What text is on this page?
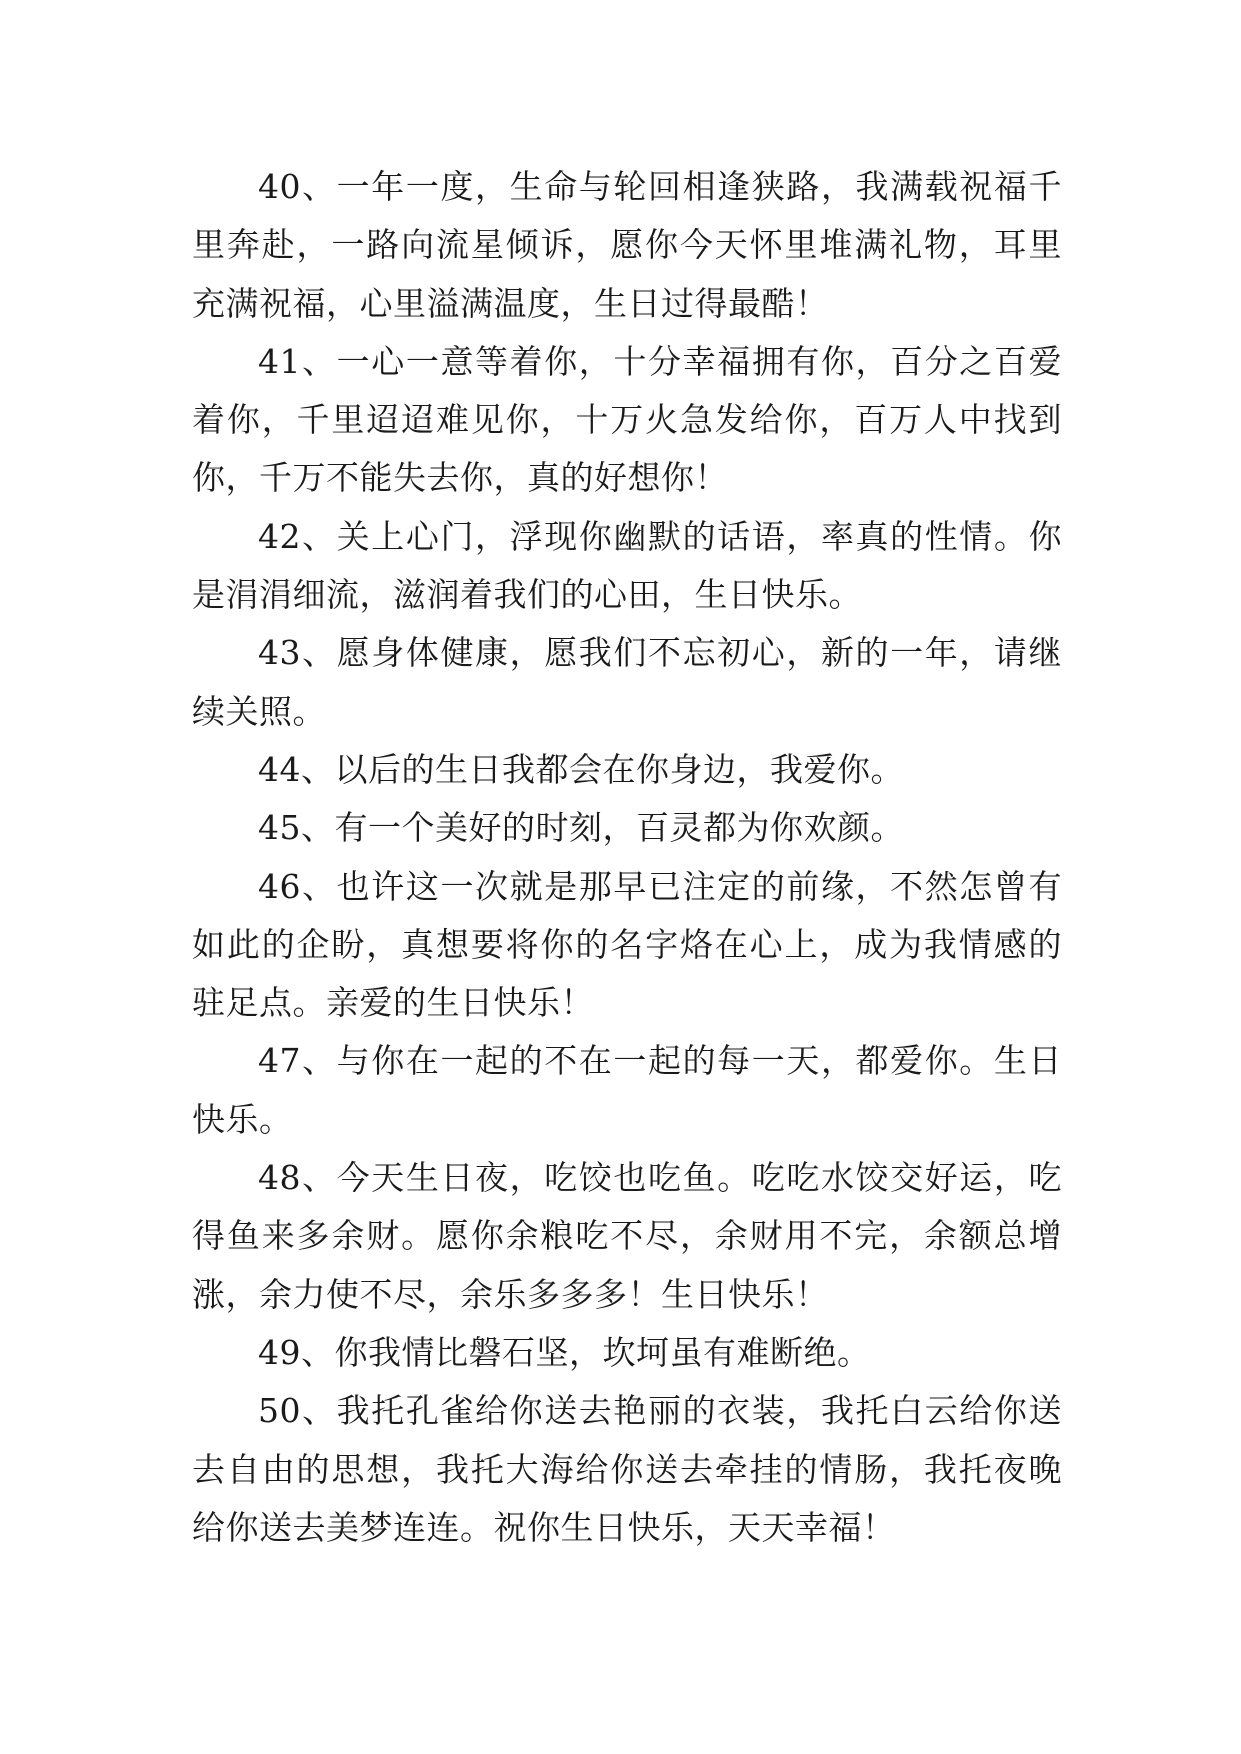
40、一年一度，生命与轮回相逢狭路，我满载祝福千里奔赴，一路向流星倾诉，愿你今天怀里堆满礼物，耳里充满祝福，心里溢满温度，生日过得最酷！

41、一心一意等着你，十分幸福拥有你，百分之百爱着你，千里迢迢难见你，十万火急发给你，百万人中找到你，千万不能失去你，真的好想你！

42、关上心门，浮现你幽默的话语，率真的性情。你是涓涓细流，滋润着我们的心田，生日快乐。

43、愿身体健康，愿我们不忘初心，新的一年，请继续关照。

44、以后的生日我都会在你身边，我爱你。

45、有一个美好的时刻，百灵都为你欢颜。

46、也许这一次就是那早已注定的前缘，不然怎曾有如此的企盼，真想要将你的名字烙在心上，成为我情感的驻足点。亲爱的生日快乐！

47、与你在一起的不在一起的每一天，都爱你。生日快乐。

48、今天生日夜，吃饺也吃鱼。吃吃水饺交好运，吃得鱼来多余财。愿你余粮吃不尽，余财用不完，余额总增涨，余力使不尽，余乐多多多！生日快乐！

49、你我情比磐石坚，坎坷虽有难断绝。

50、我托孔雀给你送去艳丽的衣装，我托白云给你送去自由的思想，我托大海给你送去牵挂的情肠，我托夜晚给你送去美梦连连。祝你生日快乐，天天幸福！
